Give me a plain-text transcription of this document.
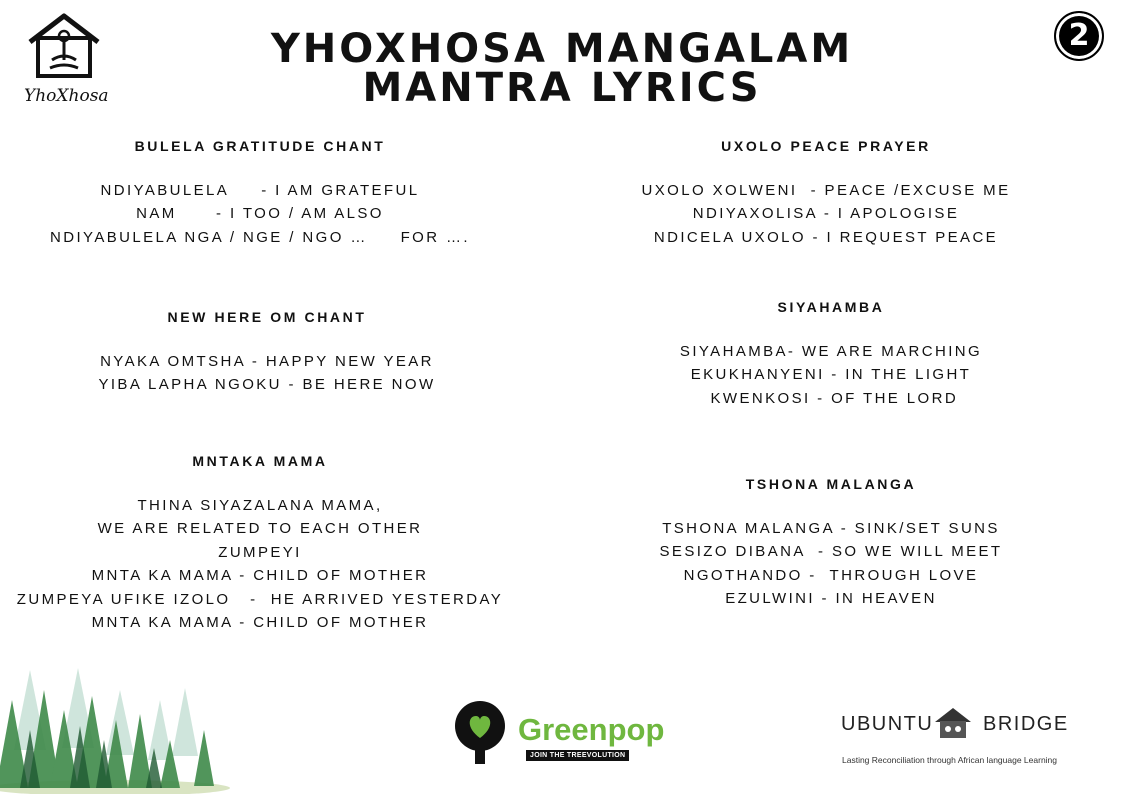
YhoXhosa
YHOXHOSA MANGALAM
MANTRA LYRICS
2
BULELA GRATITUDE CHANT
NDIYABULELA     - I AM GRATEFUL
NAM      - I TOO / AM ALSO
NDIYABULELA NGA / NGE / NGO …     FOR ….
NEW HERE OM CHANT
NYAKA OMTSHA - HAPPY NEW YEAR
YIBA LAPHA NGOKU - BE HERE NOW
MNTAKA MAMA
THINA SIYAZALANA MAMA,
WE ARE RELATED TO EACH OTHER
ZUMPEYI
MNTA KA MAMA - CHILD OF MOTHER
ZUMPEYA UFIKE IZOLO   -  HE ARRIVED YESTERDAY
MNTA KA MAMA - CHILD OF MOTHER
UXOLO PEACE PRAYER
UXOLO XOLWENI  - PEACE /EXCUSE ME
NDIYAXOLISA - I APOLOGISE
NDICELA UXOLO - I REQUEST PEACE
SIYAHAMBA
SIYAHAMBA- WE ARE MARCHING
EKUKHANYENI - IN THE LIGHT
KWENKOSI - OF THE LORD
TSHONA MALANGA
TSHONA MALANGA - SINK/SET SUNS
SESIZO DIBANA  - SO WE WILL MEET
NGOTHANDO -  THROUGH LOVE
EZULWINI - IN HEAVEN
Greenpop
JOIN THE TREEVOLUTION
UBUNTU BRIDGE
Lasting Reconciliation through African language Learning
